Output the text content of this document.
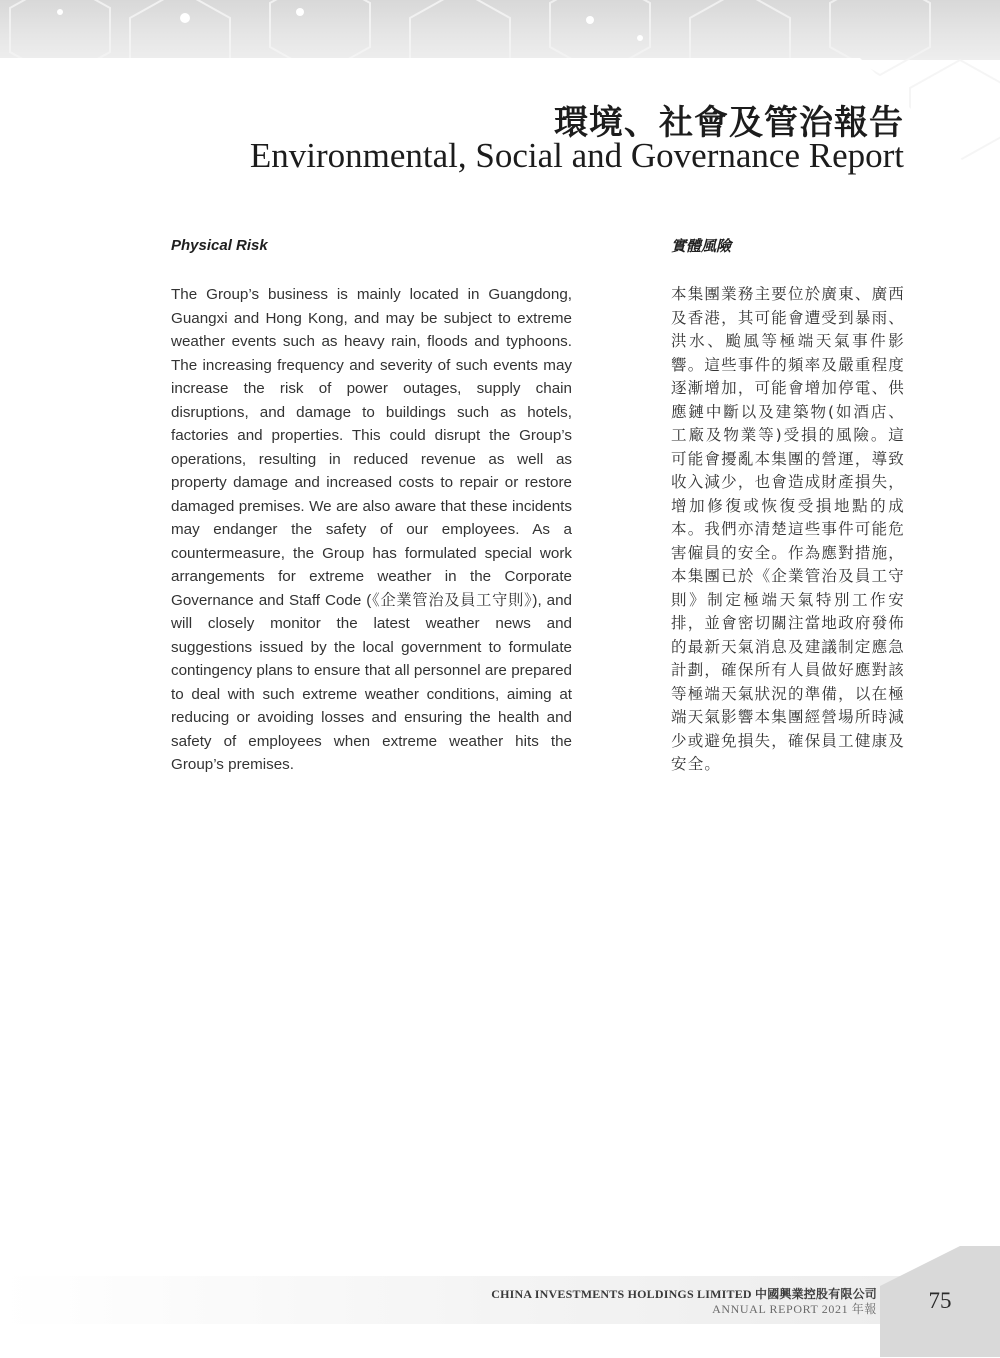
環境、社會及管治報告
Environmental, Social and Governance Report
Physical Risk

The Group’s business is mainly located in Guangdong, Guangxi and Hong Kong, and may be subject to extreme weather events such as heavy rain, floods and typhoons. The increasing frequency and severity of such events may increase the risk of power outages, supply chain disruptions, and damage to buildings such as hotels, factories and properties. This could disrupt the Group’s operations, resulting in reduced revenue as well as property damage and increased costs to repair or restore damaged premises. We are also aware that these incidents may endanger the safety of our employees. As a countermeasure, the Group has formulated special work arrangements for extreme weather in the Corporate Governance and Staff Code (《企業管治及員工守則》), and will closely monitor the latest weather news and suggestions issued by the local government to formulate contingency plans to ensure that all personnel are prepared to deal with such extreme weather conditions, aiming at reducing or avoiding losses and ensuring the health and safety of employees when extreme weather hits the Group’s premises.

實體風險

本集團業務主要位於廣東、廣西及香港，其可能會遭受到暴雨、洪水、颱風等極端天氣事件影響。這些事件的頻率及嚴重程度逐漸增加，可能會增加停電、供應鏈中斷以及建築物(如酒店、工廠及物業等)受損的風險。這可能會擾亂本集團的營運，導致收入減少，也會造成財產損失，增加修復或恢復受損地點的成本。我們亦清楚這些事件可能危害僱員的安全。作為應對措施，本集團已於《企業管治及員工守則》制定極端天氣特別工作安排，並會密切關注當地政府發佈的最新天氣消息及建議制定應急計劃，確保所有人員做好應對該等極端天氣狀況的準備，以在極端天氣影響本集團經營場所時減少或避免損失，確保員工健康及安全。

CHINA INVESTMENTS HOLDINGS LIMITED 中國興業控股有限公司

ANNUAL REPORT 2021 年報	75
